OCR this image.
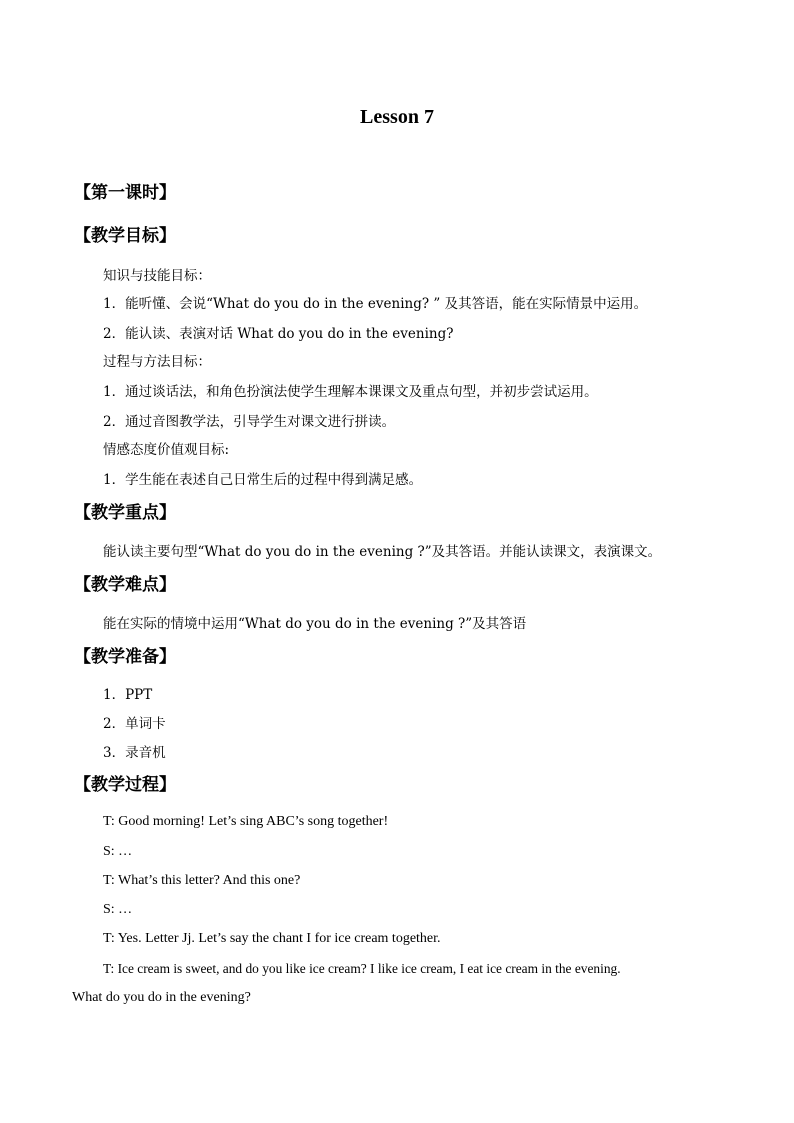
Lesson 7
【第一课时】
【教学目标】
知识与技能目标：
1．能听懂、会说“What do you do in the evening? ” 及其答语，能在实际情景中运用。
2．能认读、表演对话 What do you do in the evening?
过程与方法目标：
1．通过谈话法，和角色扮演法使学生理解本课课文及重点句型，并初步尝试运用。
2．通过音图教学法，引导学生对课文进行拼读。
情感态度价值观目标:
1．学生能在表述自己日常生后的过程中得到满足感。
【教学重点】
能认读主要句型“What do you do in the evening ?”及其答语。并能认读课文，表演课文。
【教学难点】
能在实际的情境中运用“What do you do in the evening ?”及其答语
【教学准备】
1．PPT
2．单词卡
3．录音机
【教学过程】
T: Good morning! Let’s sing ABC’s song together!
S: …
T: What’s this letter? And this one?
S: …
T: Yes. Letter Jj. Let’s say the chant I for ice cream together.
T: Ice cream is sweet, and do you like ice cream? I like ice cream, I eat ice cream in the evening.
What do you do in the evening?
